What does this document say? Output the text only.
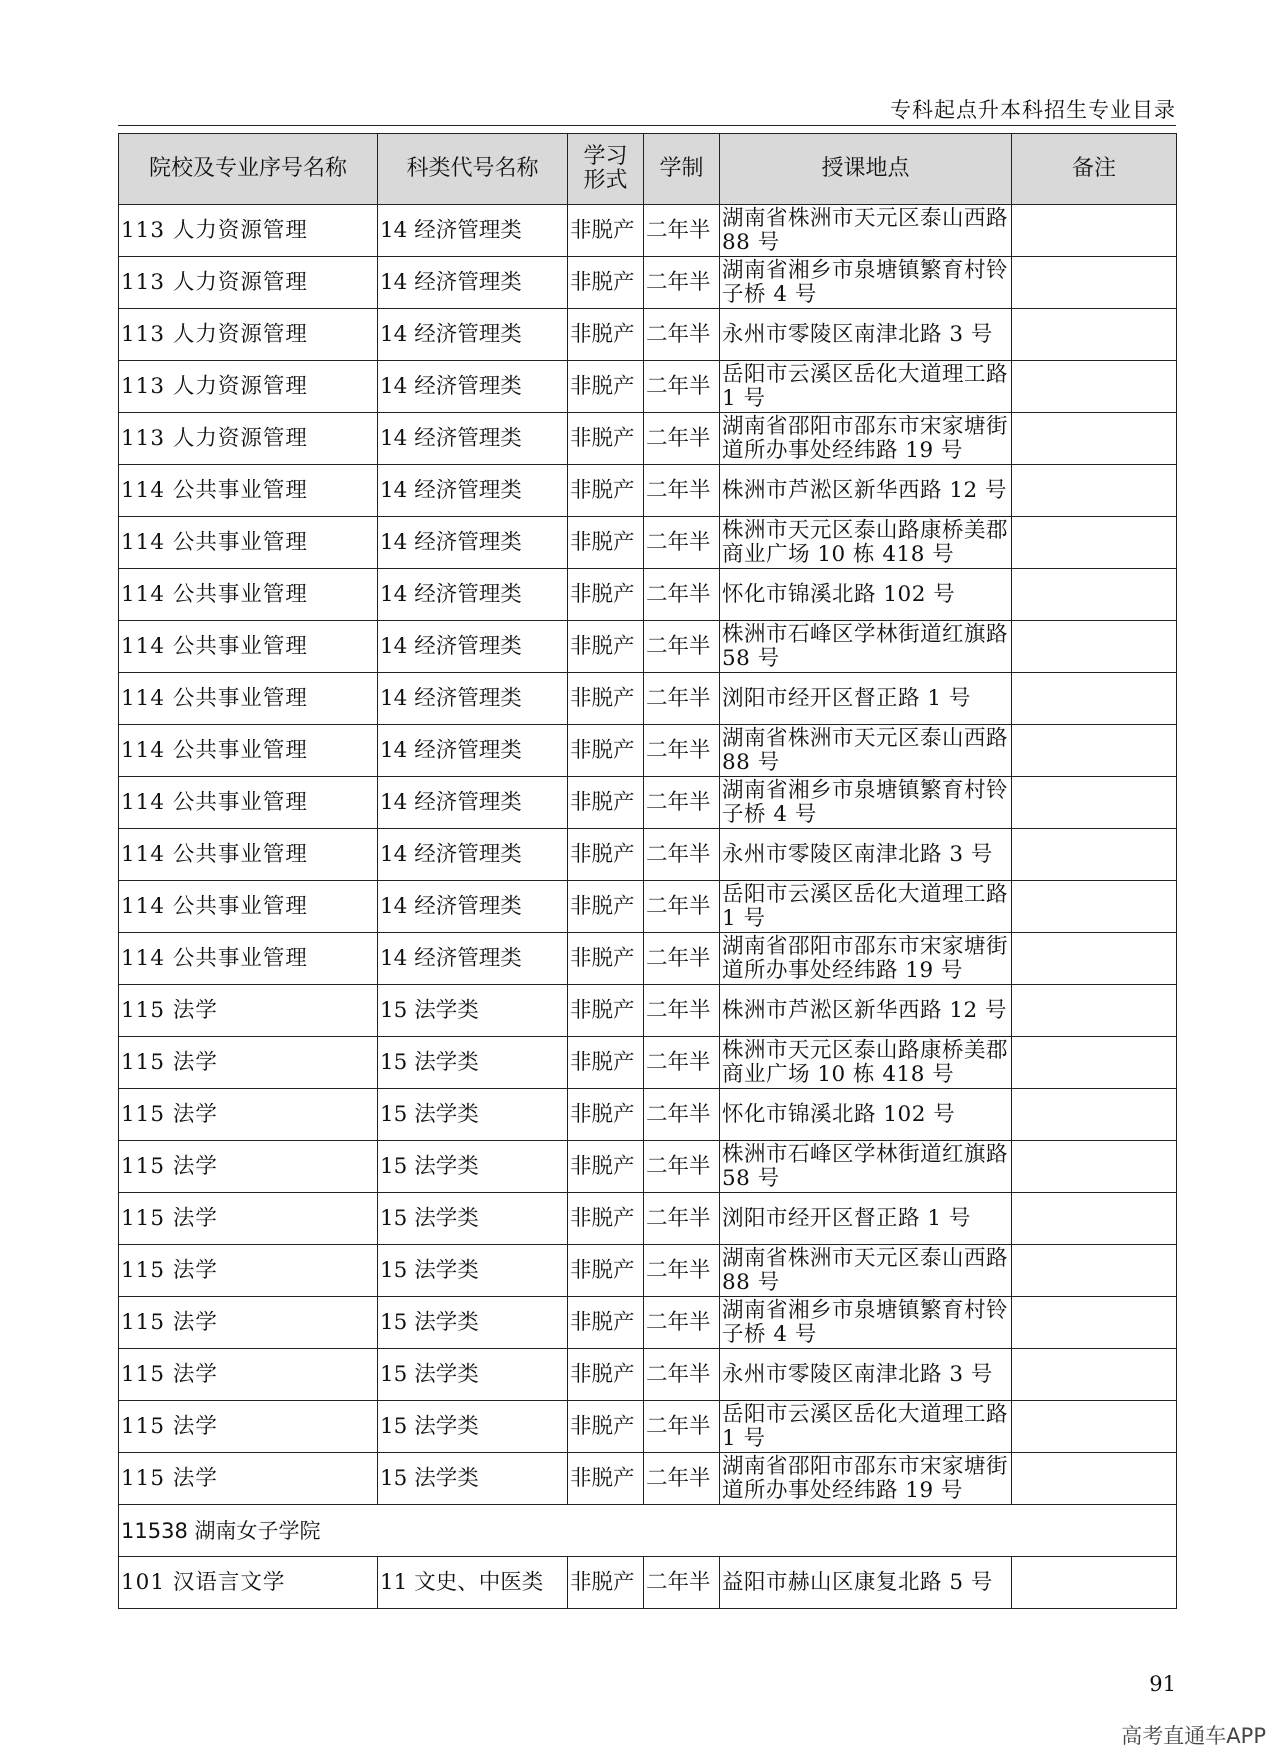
专科起点升本科招生专业目录
院校及专业序号名称	科类代号名称	学习形式	学制	授课地点	备注
113 人力资源管理	14 经济管理类	非脱产	二年半	湖南省株洲市天元区泰山西路 88 号	
113 人力资源管理	14 经济管理类	非脱产	二年半	湖南省湘乡市泉塘镇繁育村铃子桥 4 号	
113 人力资源管理	14 经济管理类	非脱产	二年半	永州市零陵区南津北路 3 号	
113 人力资源管理	14 经济管理类	非脱产	二年半	岳阳市云溪区岳化大道理工路 1 号	
113 人力资源管理	14 经济管理类	非脱产	二年半	湖南省邵阳市邵东市宋家塘街道所办事处经纬路 19 号	
114 公共事业管理	14 经济管理类	非脱产	二年半	株洲市芦淞区新华西路 12 号	
114 公共事业管理	14 经济管理类	非脱产	二年半	株洲市天元区泰山路康桥美郡商业广场 10 栋 418 号	
114 公共事业管理	14 经济管理类	非脱产	二年半	怀化市锦溪北路 102 号	
114 公共事业管理	14 经济管理类	非脱产	二年半	株洲市石峰区学林街道红旗路 58 号	
114 公共事业管理	14 经济管理类	非脱产	二年半	浏阳市经开区督正路 1 号	
114 公共事业管理	14 经济管理类	非脱产	二年半	湖南省株洲市天元区泰山西路 88 号	
114 公共事业管理	14 经济管理类	非脱产	二年半	湖南省湘乡市泉塘镇繁育村铃子桥 4 号	
114 公共事业管理	14 经济管理类	非脱产	二年半	永州市零陵区南津北路 3 号	
114 公共事业管理	14 经济管理类	非脱产	二年半	岳阳市云溪区岳化大道理工路 1 号	
114 公共事业管理	14 经济管理类	非脱产	二年半	湖南省邵阳市邵东市宋家塘街道所办事处经纬路 19 号	
115 法学	15 法学类	非脱产	二年半	株洲市芦淞区新华西路 12 号	
115 法学	15 法学类	非脱产	二年半	株洲市天元区泰山路康桥美郡商业广场 10 栋 418 号	
115 法学	15 法学类	非脱产	二年半	怀化市锦溪北路 102 号	
115 法学	15 法学类	非脱产	二年半	株洲市石峰区学林街道红旗路 58 号	
115 法学	15 法学类	非脱产	二年半	浏阳市经开区督正路 1 号	
115 法学	15 法学类	非脱产	二年半	湖南省株洲市天元区泰山西路 88 号	
115 法学	15 法学类	非脱产	二年半	湖南省湘乡市泉塘镇繁育村铃子桥 4 号	
115 法学	15 法学类	非脱产	二年半	永州市零陵区南津北路 3 号	
115 法学	15 法学类	非脱产	二年半	岳阳市云溪区岳化大道理工路 1 号	
115 法学	15 法学类	非脱产	二年半	湖南省邵阳市邵东市宋家塘街道所办事处经纬路 19 号	
11538 湖南女子学院					
101 汉语言文学	11 文史、中医类	非脱产	二年半	益阳市赫山区康复北路 5 号	
91
高考直通车APP
